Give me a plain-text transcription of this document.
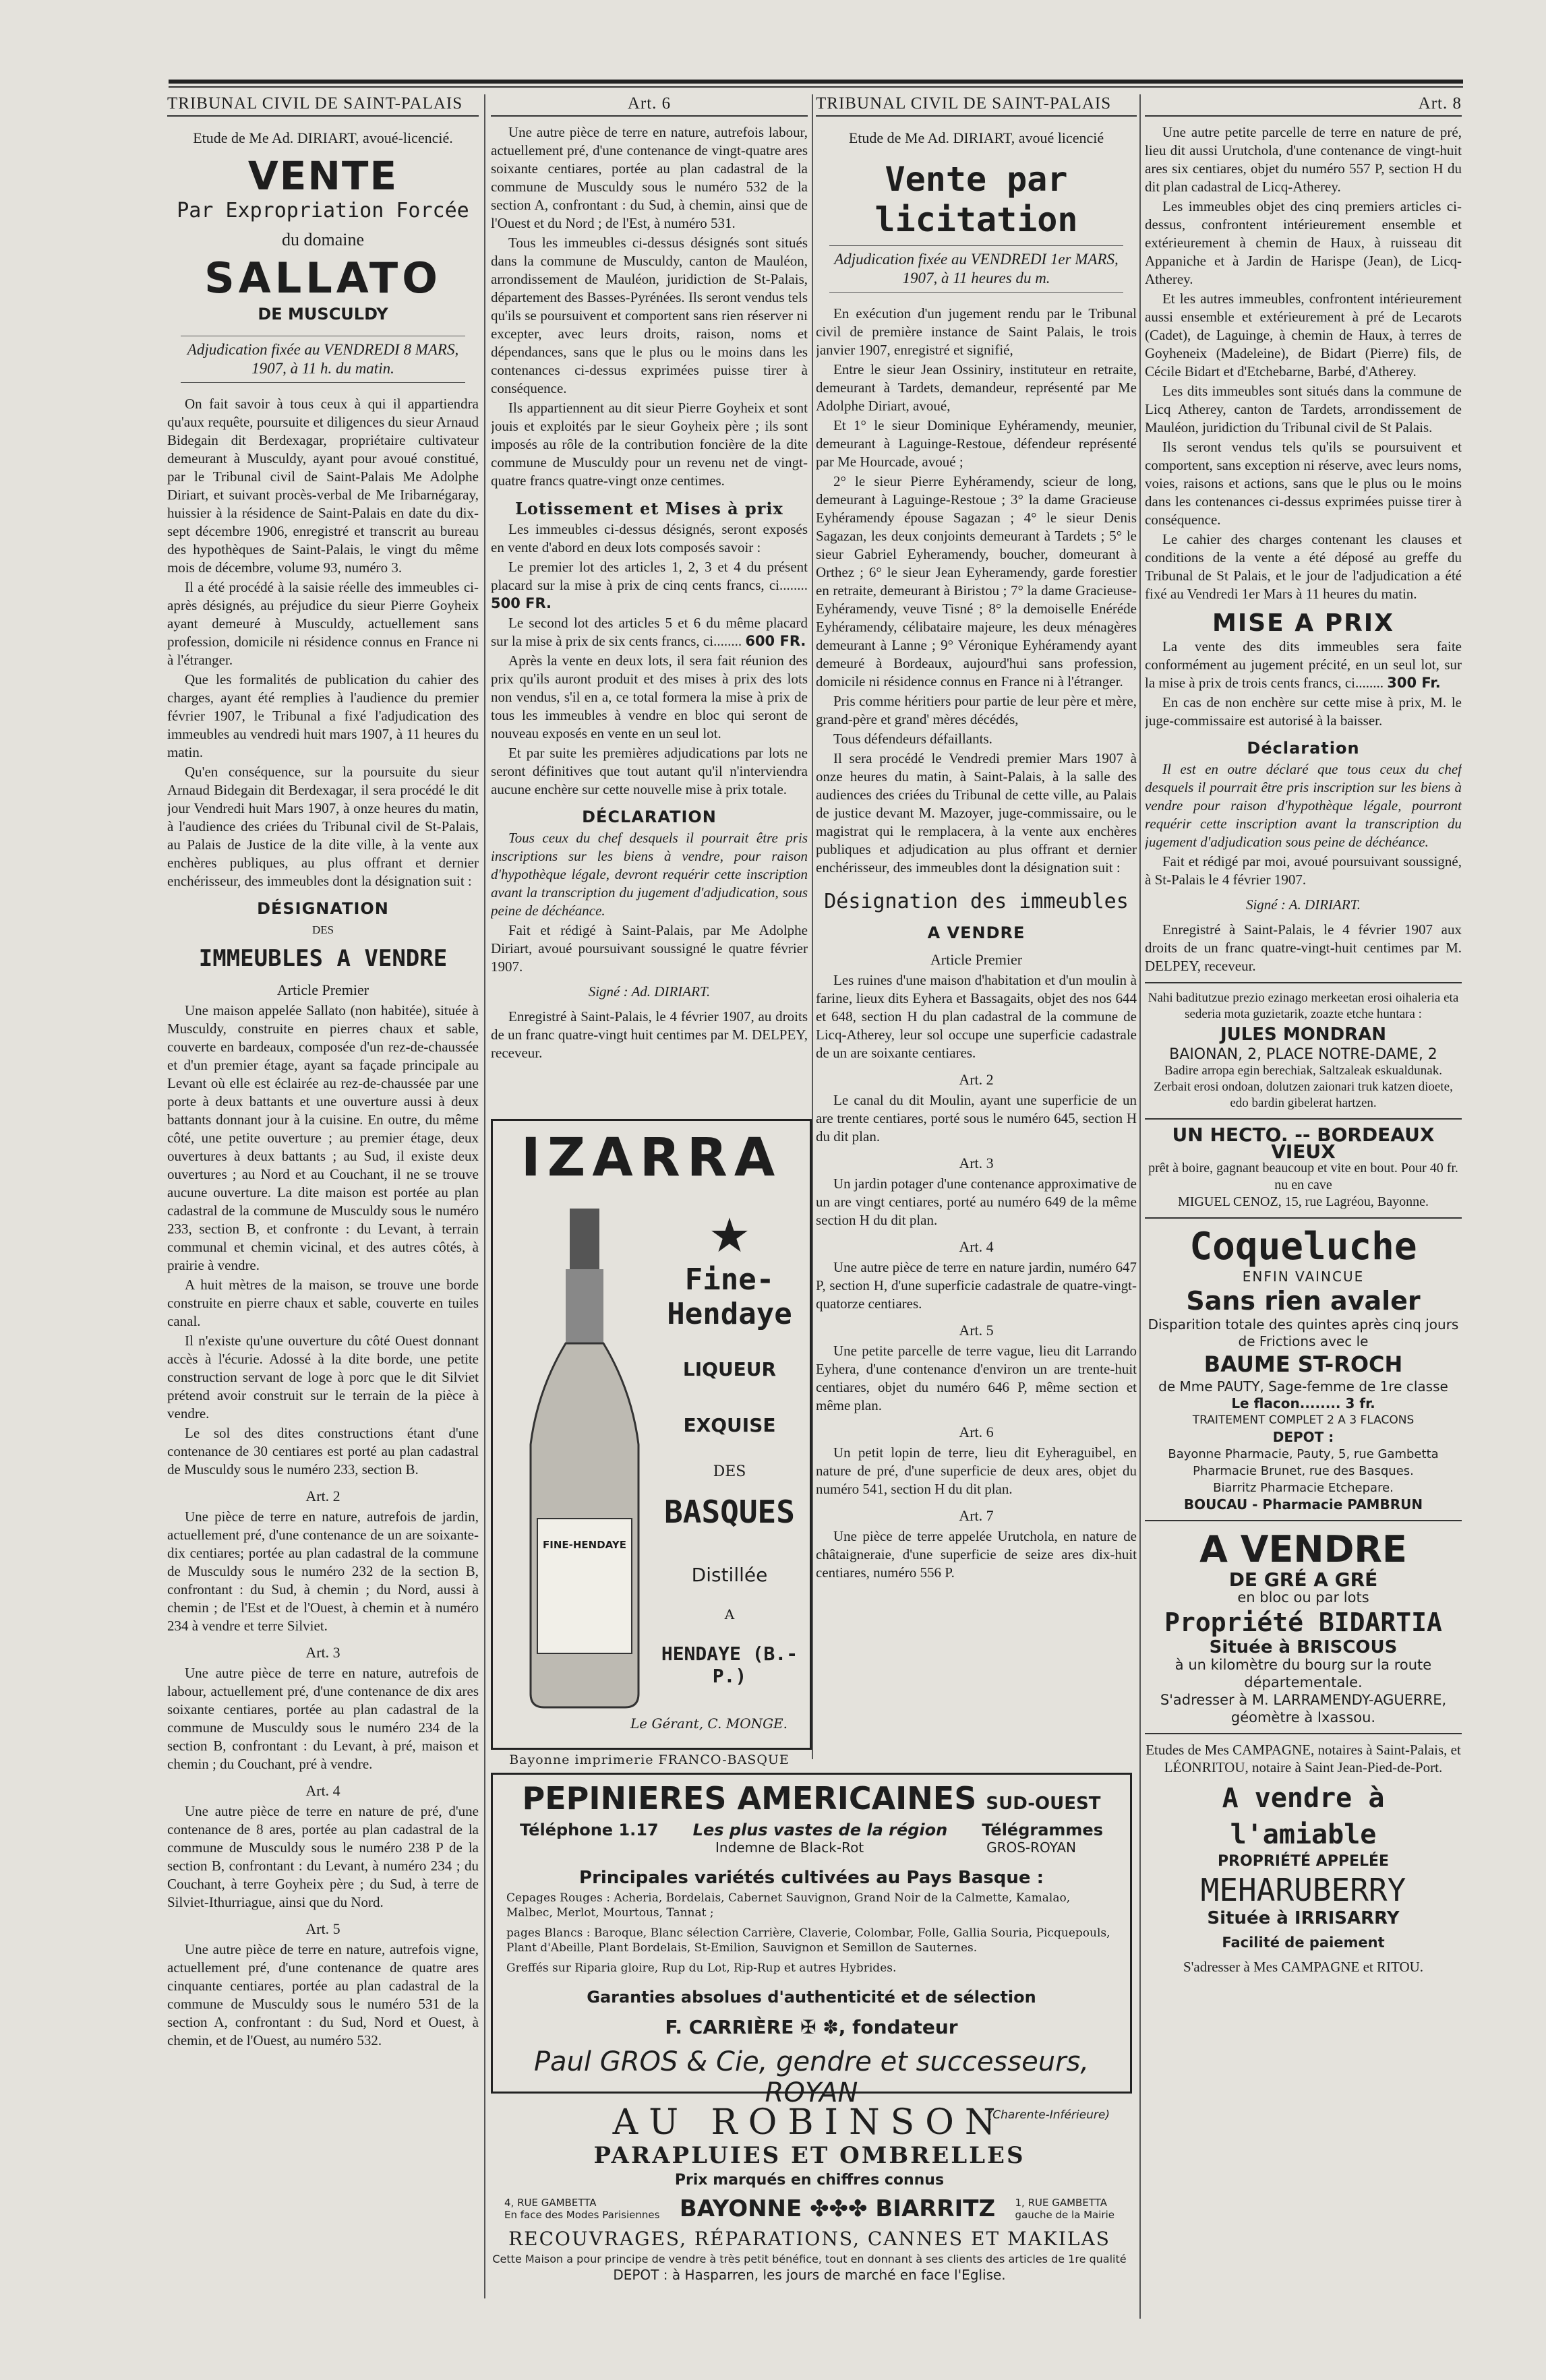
TRIBUNAL CIVIL DE SAINT-PALAIS
Etude de Me Ad. DIRIART, avoué-licencié.
VENTE
Par Expropriation Forcée
du domaine
SALLATO
DE MUSCULDY
Adjudication fixée au VENDREDI 8 MARS, 1907, à 11 h. du matin.

On fait savoir à tous ceux à qui il appartiendra qu'aux requête, poursuite et diligences du sieur Arnaud Bidegain dit Berdexagar, propriétaire cultivateur demeurant à Musculdy, ayant pour avoué constitué, par le Tribunal civil de Saint-Palais Me Adolphe Diriart, et suivant procès-verbal de Me Iribarnégaray, huissier à la résidence de Saint-Palais en date du dix-sept décembre 1906, enregistré et transcrit au bureau des hypothèques de Saint-Palais, le vingt du même mois de décembre, volume 93, numéro 3.

Il a été procédé à la saisie réelle des immeubles ci-après désignés, au préjudice du sieur Pierre Goyheix ayant demeuré à Musculdy, actuellement sans profession, domicile ni résidence connus en France ni à l'étranger.

Que les formalités de publication du cahier des charges, ayant été remplies à l'audience du premier février 1907, le Tribunal a fixé l'adjudication des immeubles au vendredi huit mars 1907, à 11 heures du matin.

Qu'en conséquence, sur la poursuite du sieur Arnaud Bidegain dit Berdexagar, il sera procédé le dit jour Vendredi huit Mars 1907, à onze heures du matin, à l'audience des criées du Tribunal civil de St-Palais, au Palais de Justice de la dite ville, à la vente aux enchères publiques, au plus offrant et dernier enchérisseur, des immeubles dont la désignation suit :

DÉSIGNATION
DES
IMMEUBLES A VENDRE
Article Premier

Une maison appelée Sallato (non habitée), située à Musculdy, construite en pierres chaux et sable, couverte en bardeaux, composée d'un rez-de-chaussée et d'un premier étage, ayant sa façade principale au Levant où elle est éclairée au rez-de-chaussée par une porte à deux battants et une ouverture aussi à deux battants donnant jour à la cuisine. En outre, du même côté, une petite ouverture ; au premier étage, deux ouvertures à deux battants ; au Sud, il existe deux ouvertures ; au Nord et au Couchant, il ne se trouve aucune ouverture. La dite maison est portée au plan cadastral de la commune de Musculdy sous le numéro 233, section B, et confronte : du Levant, à terrain communal et chemin vicinal, et des autres côtés, à prairie à vendre.

A huit mètres de la maison, se trouve une borde construite en pierre chaux et sable, couverte en tuiles canal.

Il n'existe qu'une ouverture du côté Ouest donnant accès à l'écurie. Adossé à la dite borde, une petite construction servant de loge à porc que le dit Silviet prétend avoir construit sur le terrain de la pièce à vendre.

Le sol des dites constructions étant d'une contenance de 30 centiares est porté au plan cadastral de Musculdy sous le numéro 233, section B.

Art. 2

Une pièce de terre en nature, autrefois de jardin, actuellement pré, d'une contenance de un are soixante-dix centiares; portée au plan cadastral de la commune de Musculdy sous le numéro 232 de la section B, confrontant : du Sud, à chemin ; du Nord, aussi à chemin ; de l'Est et de l'Ouest, à chemin et à numéro 234 à vendre et terre Silviet.

Art. 3

Une autre pièce de terre en nature, autrefois de labour, actuellement pré, d'une contenance de dix ares soixante centiares, portée au plan cadastral de la commune de Musculdy sous le numéro 234 de la section B, confrontant : du Levant, à pré, maison et chemin ; du Couchant, pré à vendre.

Art. 4

Une autre pièce de terre en nature de pré, d'une contenance de 8 ares, portée au plan cadastral de la commune de Musculdy sous le numéro 238 P de la section B, confrontant : du Levant, à numéro 234 ; du Couchant, à terre Goyheix père ; du Sud, à terre de Silviet-Ithurriague, ainsi que du Nord.

Art. 5

Une autre pièce de terre en nature, autrefois vigne, actuellement pré, d'une contenance de quatre ares cinquante centiares, portée au plan cadastral de la commune de Musculdy sous le numéro 531 de la section A, confrontant : du Sud, Nord et Ouest, à chemin, et de l'Ouest, au numéro 532.

Art. 6

Une autre pièce de terre en nature, autrefois labour, actuellement pré, d'une contenance de vingt-quatre ares soixante centiares, portée au plan cadastral de la commune de Musculdy sous le numéro 532 de la section A, confrontant : du Sud, à chemin, ainsi que de l'Ouest et du Nord ; de l'Est, à numéro 531.

Tous les immeubles ci-dessus désignés sont situés dans la commune de Musculdy, canton de Mauléon, arrondissement de Mauléon, juridiction de St-Palais, département des Basses-Pyrénées. Ils seront vendus tels qu'ils se poursuivent et comportent sans rien réserver ni excepter, avec leurs droits, raison, noms et dépendances, sans que le plus ou le moins dans les contenances ci-dessus exprimées puisse tirer à conséquence.

Ils appartiennent au dit sieur Pierre Goyheix et sont jouis et exploités par le sieur Goyheix père ; ils sont imposés au rôle de la contribution foncière de la dite commune de Musculdy pour un revenu net de vingt-quatre francs quatre-vingt onze centimes.

Lotissement et Mises à prix

Les immeubles ci-dessus désignés, seront exposés en vente d'abord en deux lots composés savoir :

Le premier lot des articles 1, 2, 3 et 4 du présent placard sur la mise à prix de cinq cents francs, ci........ 500 FR.

Le second lot des articles 5 et 6 du même placard sur la mise à prix de six cents francs, ci........ 600 FR.

Après la vente en deux lots, il sera fait réunion des prix qu'ils auront produit et des mises à prix des lots non vendus, s'il en a, ce total formera la mise à prix de tous les immeubles à vendre en bloc qui seront de nouveau exposés en vente en un seul lot.

Et par suite les premières adjudications par lots ne seront définitives que tout autant qu'il n'interviendra aucune enchère sur cette nouvelle mise à prix totale.

DÉCLARATION

Tous ceux du chef desquels il pourrait être pris inscriptions sur les biens à vendre, pour raison d'hypothèque légale, devront requérir cette inscription avant la transcription du jugement d'adjudication, sous peine de déchéance.

Fait et rédigé à Saint-Palais, par Me Adolphe Diriart, avoué poursuivant soussigné le quatre février 1907.

Signé : Ad. DIRIART.

Enregistré à Saint-Palais, le 4 février 1907, au droits de un franc quatre-vingt huit centimes par M. DELPEY, receveur.

IZARRA
FINE-HENDAYE
★
Fine-Hendaye
LIQUEUR
EXQUISE
DES
BASQUES
Distillée
A
HENDAYE (B.-P.)
Le Gérant, C. MONGE.
Bayonne imprimerie FRANCO-BASQUE
TRIBUNAL CIVIL DE SAINT-PALAIS
Etude de Me Ad. DIRIART, avoué licencié
Vente par licitation
Adjudication fixée au VENDREDI 1er MARS, 1907, à 11 heures du m.

En exécution d'un jugement rendu par le Tribunal civil de première instance de Saint Palais, le trois janvier 1907, enregistré et signifié,

Entre le sieur Jean Ossiniry, instituteur en retraite, demeurant à Tardets, demandeur, représenté par Me Adolphe Diriart, avoué,

Et 1° le sieur Dominique Eyhéramendy, meunier, demeurant à Laguinge-Restoue, défendeur représenté par Me Hourcade, avoué ;

2° le sieur Pierre Eyhéramendy, scieur de long, demeurant à Laguinge-Restoue ; 3° la dame Gracieuse Eyhéramendy épouse Sagazan ; 4° le sieur Denis Sagazan, les deux conjoints demeurant à Tardets ; 5° le sieur Gabriel Eyheramendy, boucher, domeurant à Orthez ; 6° le sieur Jean Eyheramendy, garde forestier en retraite, demeurant à Biristou ; 7° la dame Gracieuse-Eyhéramendy, veuve Tisné ; 8° la demoiselle Enéréde Eyhéramendy, célibataire majeure, les deux ménagères demeurant à Lanne ; 9° Véronique Eyhéramendy ayant demeuré à Bordeaux, aujourd'hui sans profession, domicile ni résidence connus en France ni à l'étranger.

Pris comme héritiers pour partie de leur père et mère, grand-père et grand' mères décédés,

Tous défendeurs défaillants.

Il sera procédé le Vendredi premier Mars 1907 à onze heures du matin, à Saint-Palais, à la salle des audiences des criées du Tribunal de cette ville, au Palais de justice devant M. Mazoyer, juge-commissaire, ou le magistrat qui le remplacera, à la vente aux enchères publiques et adjudication au plus offrant et dernier enchérisseur, des immeubles dont la désignation suit :

Désignation des immeubles
A VENDRE
Article Premier

Les ruines d'une maison d'habitation et d'un moulin à farine, lieux dits Eyhera et Bassagaits, objet des nos 644 et 648, section H du plan cadastral de la commune de Licq-Atherey, leur sol occupe une superficie cadastrale de un are soixante centiares.

Art. 2

Le canal du dit Moulin, ayant une superficie de un are trente centiares, porté sous le numéro 645, section H du dit plan.

Art. 3

Un jardin potager d'une contenance approximative de un are vingt centiares, porté au numéro 649 de la même section H du dit plan.

Art. 4

Une autre pièce de terre en nature jardin, numéro 647 P, section H, d'une superficie cadastrale de quatre-vingt-quatorze centiares.

Art. 5

Une petite parcelle de terre vague, lieu dit Larrando Eyhera, d'une contenance d'environ un are trente-huit centiares, objet du numéro 646 P, même section et même plan.

Art. 6

Un petit lopin de terre, lieu dit Eyheraguibel, en nature de pré, d'une superficie de deux ares, objet du numéro 541, section H du dit plan.

Art. 7

Une pièce de terre appelée Urutchola, en nature de châtaigneraie, d'une superficie de seize ares dix-huit centiares, numéro 556 P.

Art. 8

Une autre petite parcelle de terre en nature de pré, lieu dit aussi Urutchola, d'une contenance de vingt-huit ares six centiares, objet du numéro 557 P, section H du dit plan cadastral de Licq-Atherey.

Les immeubles objet des cinq premiers articles ci-dessus, confrontent intérieurement ensemble et extérieurement à chemin de Haux, à ruisseau dit Appaniche et à Jardin de Harispe (Jean), de Licq-Atherey.

Et les autres immeubles, confrontent intérieurement aussi ensemble et extérieurement à pré de Lecarots (Cadet), de Laguinge, à chemin de Haux, à terres de Goyheneix (Madeleine), de Bidart (Pierre) fils, de Cécile Bidart et d'Etchebarne, Barbé, d'Atherey.

Les dits immeubles sont situés dans la commune de Licq Atherey, canton de Tardets, arrondissement de Mauléon, juridiction du Tribunal civil de St Palais.

Ils seront vendus tels qu'ils se poursuivent et comportent, sans exception ni réserve, avec leurs noms, voies, raisons et actions, sans que le plus ou le moins dans les contenances ci-dessus exprimées puisse tirer à conséquence.

Le cahier des charges contenant les clauses et conditions de la vente a été déposé au greffe du Tribunal de St Palais, et le jour de l'adjudication a été fixé au Vendredi 1er Mars à 11 heures du matin.

MISE A PRIX

La vente des dits immeubles sera faite conformément au jugement précité, en un seul lot, sur la mise à prix de trois cents francs, ci........ 300 Fr.

En cas de non enchère sur cette mise à prix, M. le juge-commissaire est autorisé à la baisser.

Déclaration

Il est en outre déclaré que tous ceux du chef desquels il pourrait être pris inscription sur les biens à vendre pour raison d'hypothèque légale, pourront requérir cette inscription avant la transcription du jugement d'adjudication sous peine de déchéance.

Fait et rédigé par moi, avoué poursuivant soussigné, à St-Palais le 4 février 1907.

Signé : A. DIRIART.

Enregistré à Saint-Palais, le 4 février 1907 aux droits de un franc quatre-vingt-huit centimes par M. DELPEY, receveur.

Nahi baditutzue prezio ezinago merkeetan erosi oihaleria eta sederia mota guzietarik, zoazte etche huntara :
JULES MONDRAN
BAIONAN, 2, PLACE NOTRE-DAME, 2
Badire arropa egin berechiak, Saltzaleak eskualdunak.
Zerbait erosi ondoan, dolutzen zaionari truk katzen dioete, edo bardin gibelerat hartzen.
UN HECTO. -- BORDEAUX VIEUX
prêt à boire, gagnant beaucoup et vite en bout. Pour 40 fr. nu en cave
MIGUEL CENOZ, 15, rue Lagréou, Bayonne.
Coqueluche
ENFIN VAINCUE
Sans rien avaler
Disparition totale des quintes après cinq jours de Frictions avec le
BAUME ST-ROCH
de Mme PAUTY, Sage-femme de 1re classe
Le flacon........ 3 fr.
TRAITEMENT COMPLET 2 A 3 FLACONS
DEPOT :
Bayonne Pharmacie, Pauty, 5, rue Gambetta
Pharmacie Brunet, rue des Basques.
Biarritz Pharmacie Etchepare.
BOUCAU - Pharmacie PAMBRUN
A VENDRE
DE GRÉ A GRÉ
en bloc ou par lots
Propriété BIDARTIA
Située à BRISCOUS
à un kilomètre du bourg sur la route départementale.
S'adresser à M. LARRAMENDY-AGUERRE, géomètre à Ixassou.
Etudes de Mes CAMPAGNE, notaires à Saint-Palais, et LÉONRITOU, notaire à Saint Jean-Pied-de-Port.
A vendre à l'amiable
PROPRIÉTÉ APPELÉE
MEHARUBERRY
Située à IRRISARRY
Facilité de paiement
S'adresser à Mes CAMPAGNE et RITOU.
PEPINIERES AMERICAINES SUD-OUEST
Téléphone 1.17 Les plus vastes de la région Télégrammes
Indemne de Black-Rot	GROS-ROYAN
Principales variétés cultivées au Pays Basque :
Cepages Rouges : Acheria, Bordelais, Cabernet Sauvignon, Grand Noir de la Calmette, Kamalao, Malbec, Merlot, Mourtous, Tannat ;
pages Blancs : Baroque, Blanc sélection Carrière, Claverie, Colombar, Folle, Gallia Souria, Picquepouls, Plant d'Abeille, Plant Bordelais, St-Emilion, Sauvignon et Semillon de Sauternes.
Greffés sur Riparia gloire, Rup du Lot, Rip-Rup et autres Hybrides.
Garanties absolues d'authenticité et de sélection
F. CARRIÈRE ✠ ✽, fondateur
Paul GROS & Cie, gendre et successeurs, ROYAN
(Charente-Inférieure)
AU ROBINSON
PARAPLUIES ET OMBRELLES
Prix marqués en chiffres connus
4, RUE GAMBETTA
En face des Modes Parisiennes BAYONNE ✤✤✤ BIARRITZ 1, RUE GAMBETTA
gauche de la Mairie
RECOUVRAGES, RÉPARATIONS, CANNES ET MAKILAS
Cette Maison a pour principe de vendre à très petit bénéfice, tout en donnant à ses clients des articles de 1re qualité
DEPOT : à Hasparren, les jours de marché en face l'Eglise.
